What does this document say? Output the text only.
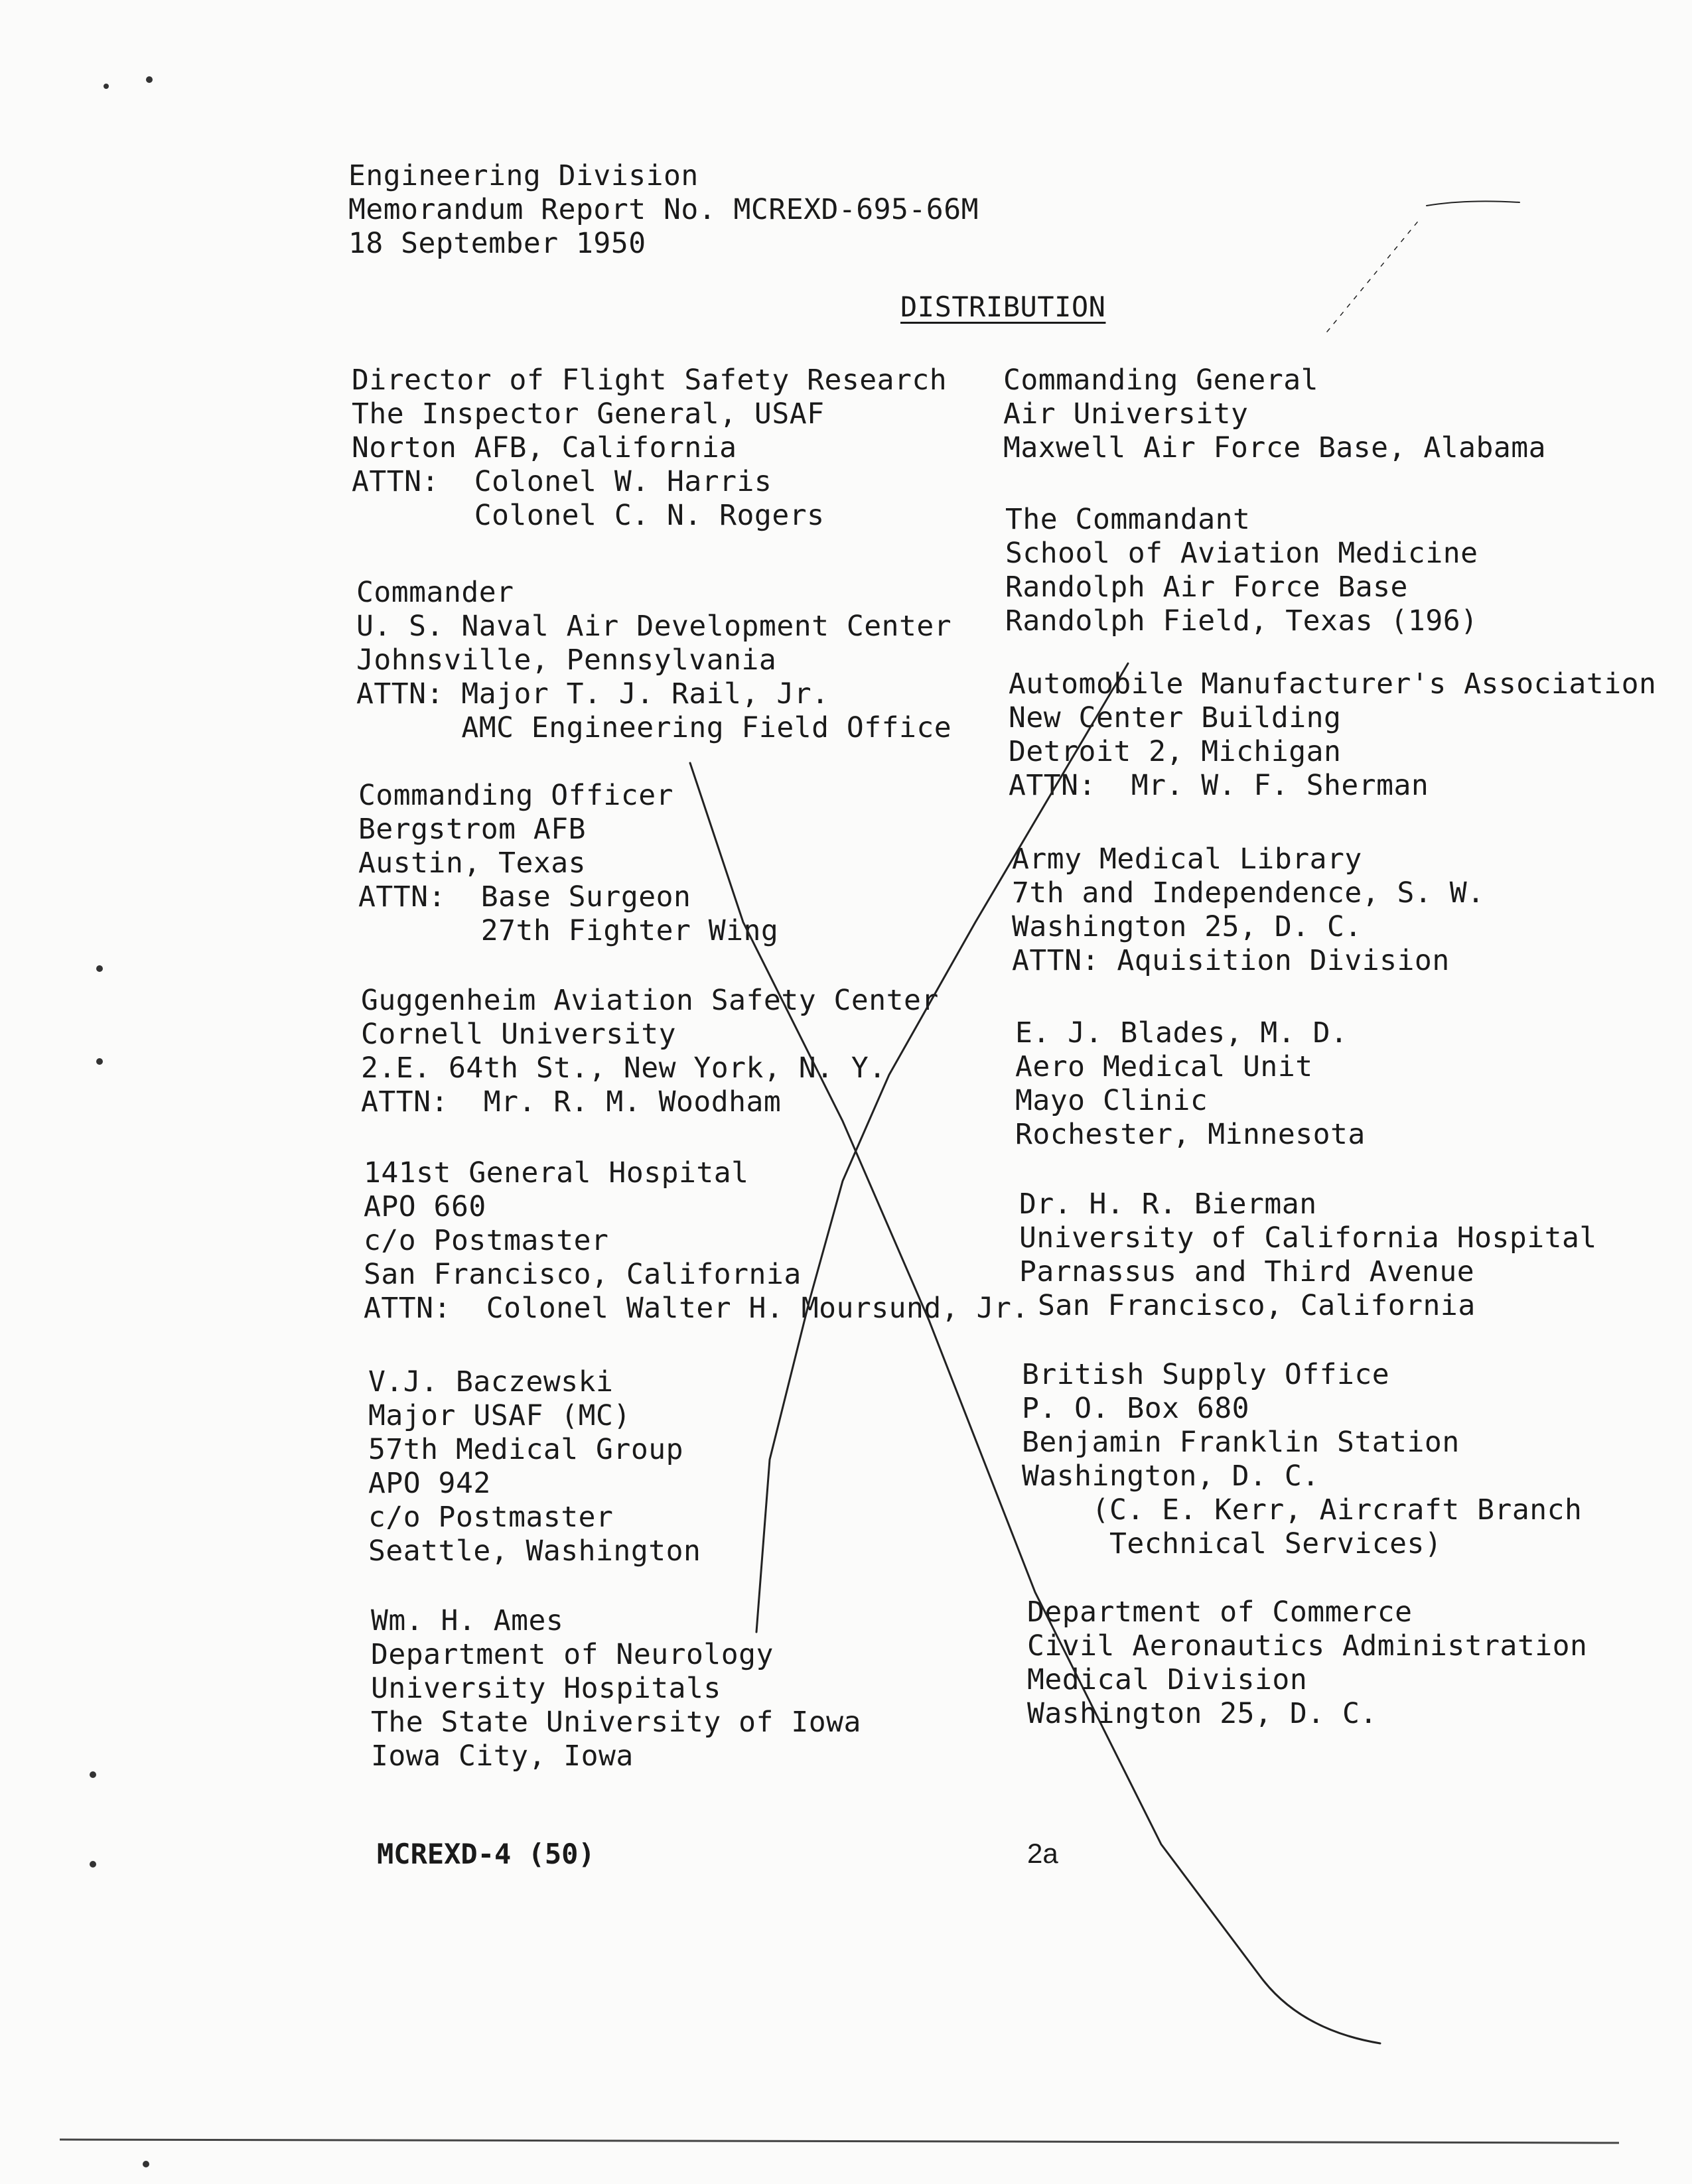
Engineering Division
Memorandum Report No. MCREXD-695-66M
18 September 1950
DISTRIBUTION
Director of Flight Safety Research
The Inspector General, USAF
Norton AFB, California
ATTN:  Colonel W. Harris
Colonel C. N. Rogers
Commander
U. S. Naval Air Development Center
Johnsville, Pennsylvania
ATTN: Major T. J. Rail, Jr.
AMC Engineering Field Office
Commanding Officer
Bergstrom AFB
Austin, Texas
ATTN:  Base Surgeon
27th Fighter Wing
Guggenheim Aviation Safety Center
Cornell University
2.E. 64th St., New York, N. Y.
ATTN:  Mr. R. M. Woodham
141st General Hospital
APO 660
c/o Postmaster
San Francisco, California
ATTN:  Colonel Walter H. Moursund, Jr.
V.J. Baczewski
Major USAF (MC)
57th Medical Group
APO 942
c/o Postmaster
Seattle, Washington
Wm. H. Ames
Department of Neurology
University Hospitals
The State University of Iowa
Iowa City, Iowa
Commanding General
Air University
Maxwell Air Force Base, Alabama
The Commandant
School of Aviation Medicine
Randolph Air Force Base
Randolph Field, Texas (196)
Automobile Manufacturer's Association
New Center Building
Detroit 2, Michigan
ATTN:  Mr. W. F. Sherman
Army Medical Library
7th and Independence, S. W.
Washington 25, D. C.
ATTN: Aquisition Division
E. J. Blades, M. D.
Aero Medical Unit
Mayo Clinic
Rochester, Minnesota
Dr. H. R. Bierman
University of California Hospital
Parnassus and Third Avenue
San Francisco, California
British Supply Office
P. O. Box 680
Benjamin Franklin Station
Washington, D. C.
(C. E. Kerr, Aircraft Branch
Technical Services)
Department of Commerce
Civil Aeronautics Administration
Medical Division
Washington 25, D. C.
MCREXD-4 (50)	2a
